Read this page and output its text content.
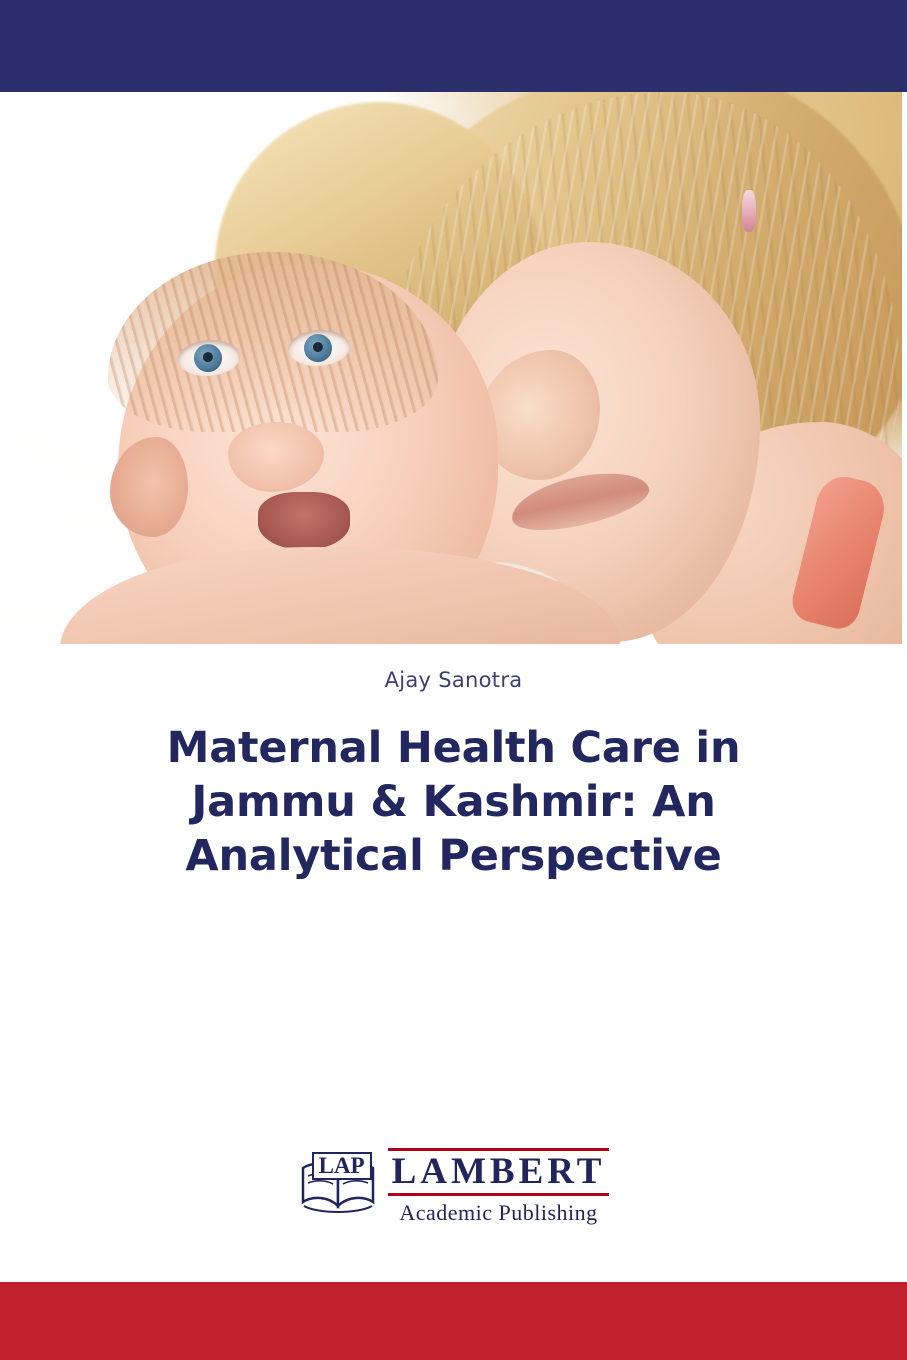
Ajay Sanotra
Maternal Health Care in
Jammu & Kashmir: An
Analytical Perspective
LAP LAMBERT
Academic Publishing
